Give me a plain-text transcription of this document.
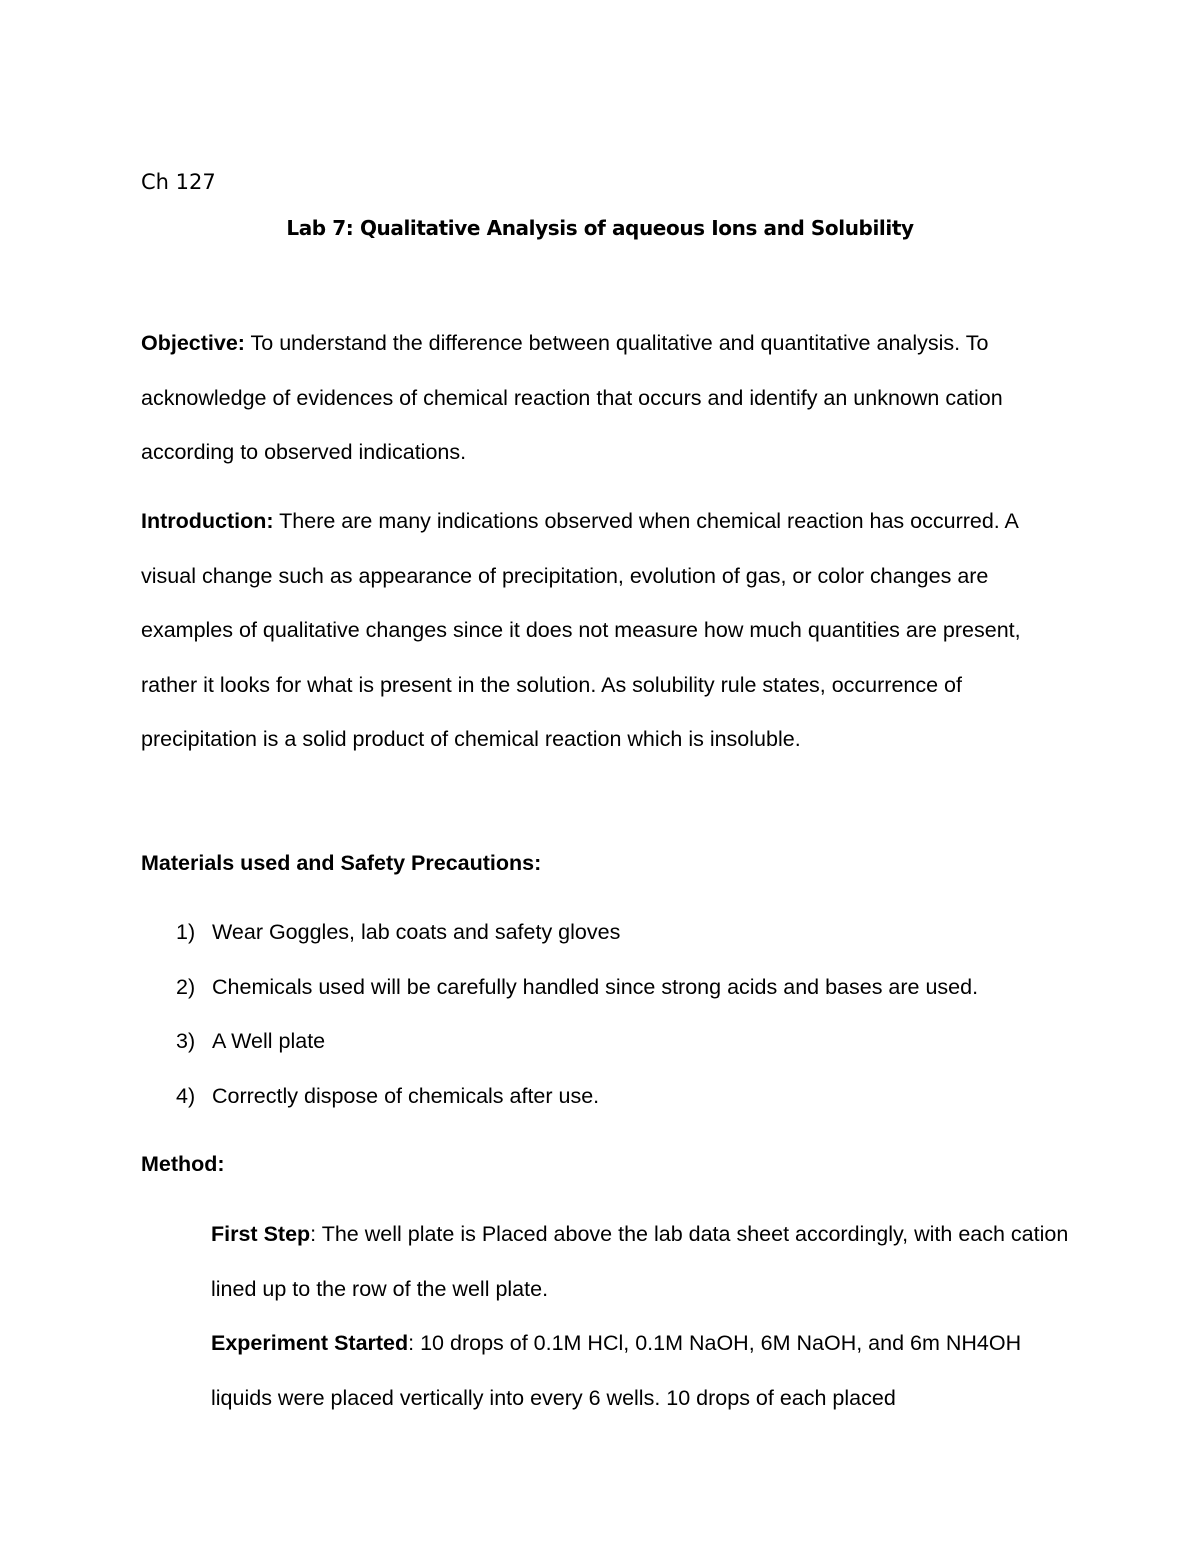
Ch 127

Lab 7: Qualitative Analysis of aqueous Ions and Solubility

Objective: To understand the difference between qualitative and quantitative analysis. To acknowledge of evidences of chemical reaction that occurs and identify an unknown cation according to observed indications.

Introduction: There are many indications observed when chemical reaction has occurred. A visual change such as appearance of precipitation, evolution of gas, or color changes are examples of qualitative changes since it does not measure how much quantities are present, rather it looks for what is present in the solution. As solubility rule states, occurrence of precipitation is a solid product of chemical reaction which is insoluble.

Materials used and Safety Precautions:
1) Wear Goggles, lab coats and safety gloves
2) Chemicals used will be carefully handled since strong acids and bases are used.
3) A Well plate
4) Correctly dispose of chemicals after use.
Method:

First Step: The well plate is Placed above the lab data sheet accordingly, with each cation lined up to the row of the well plate.

Experiment Started: 10 drops of 0.1M HCl, 0.1M NaOH, 6M NaOH, and 6m NH4OH liquids were placed vertically into every 6 wells. 10 drops of each placed
